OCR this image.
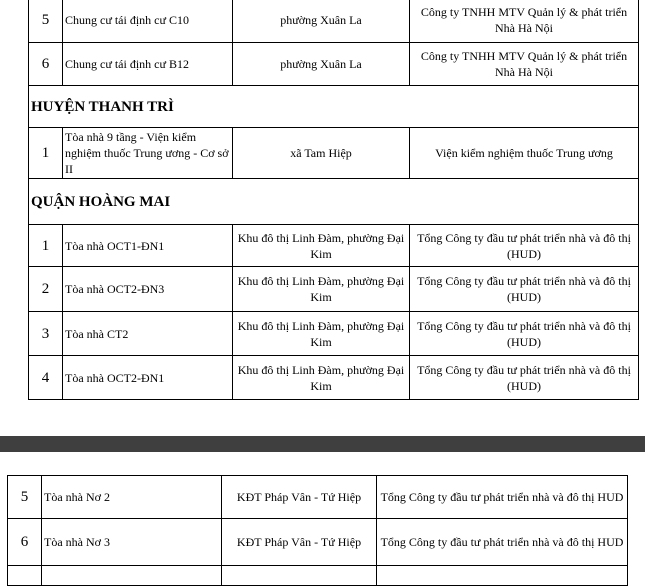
5	Chung cư tái định cư C10	phường Xuân La	Công ty TNHH MTV Quản lý & phát triển Nhà Hà Nội
6	Chung cư tái định cư B12	phường Xuân La	Công ty TNHH MTV Quản lý & phát triển Nhà Hà Nội
HUYỆN THANH TRÌ			
1	Tòa nhà 9 tầng - Viện kiểm nghiệm thuốc Trung ương - Cơ sở II	xã Tam Hiệp	Viện kiểm nghiệm thuốc Trung ương
QUẬN HOÀNG MAI			
1	Tòa nhà OCT1-ĐN1	Khu đô thị Linh Đàm, phường Đại Kim	Tổng Công ty đầu tư phát triển nhà và đô thị (HUD)
2	Tòa nhà OCT2-ĐN3	Khu đô thị Linh Đàm, phường Đại Kim	Tổng Công ty đầu tư phát triển nhà và đô thị (HUD)
3	Tòa nhà CT2	Khu đô thị Linh Đàm, phường Đại Kim	Tổng Công ty đầu tư phát triển nhà và đô thị (HUD)
4	Tòa nhà OCT2-ĐN1	Khu đô thị Linh Đàm, phường Đại Kim	Tổng Công ty đầu tư phát triển nhà và đô thị (HUD)
5	Tòa nhà Nơ 2	KĐT Pháp Vân - Tứ Hiệp	Tổng Công ty đầu tư phát triển nhà và đô thị HUD
6	Tòa nhà Nơ 3	KĐT Pháp Vân - Tứ Hiệp	Tổng Công ty đầu tư phát triển nhà và đô thị HUD
